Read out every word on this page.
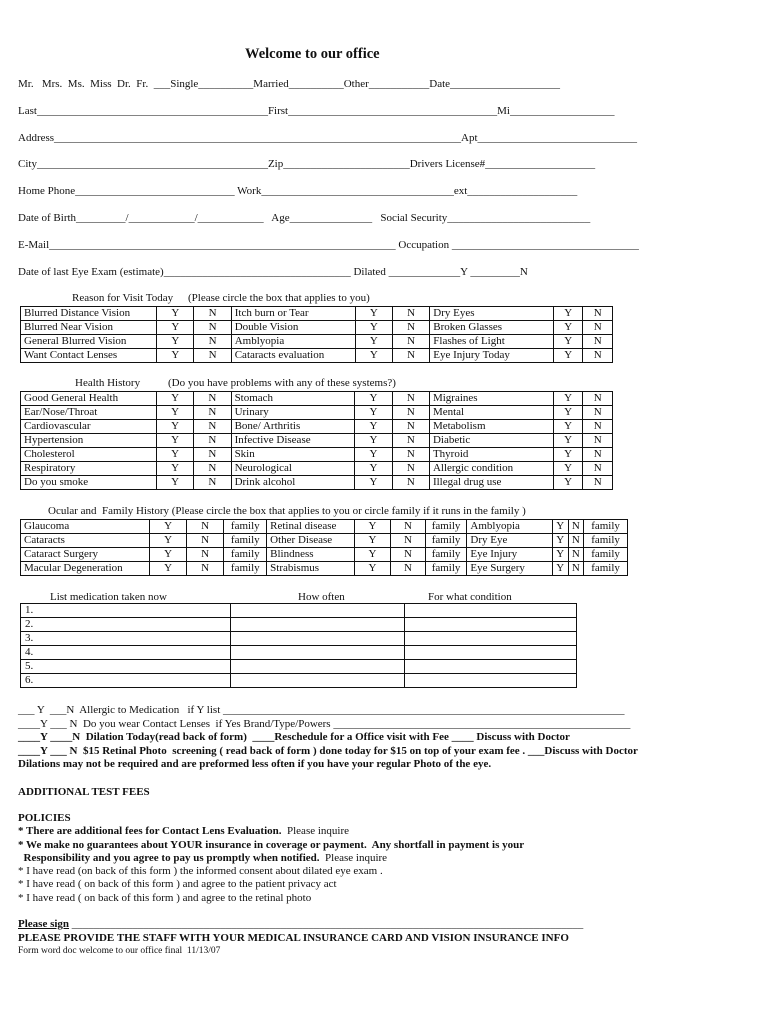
Welcome to our office
Mr.   Mrs.  Ms.  Miss  Dr.  Fr.  ___Single__________Married__________Other___________Date____________________
Last__________________________________________First______________________________________Mi___________________
Address__________________________________________________________________________Apt_____________________________
City__________________________________________Zip_______________________Drivers License#____________________
Home Phone_____________________________ Work___________________________________ext____________________
Date of Birth_________/____________/____________   Age_______________   Social Security__________________________
E-Mail_______________________________________________________________ Occupation __________________________________
Date of last Eye Exam (estimate)__________________________________ Dilated _____________Y _________N
Reason for Visit Today (Please circle the box that applies to you)
Blurred Distance Vision	Y	N	Itch burn or Tear	Y	N	Dry Eyes	Y	N
Blurred Near Vision	Y	N	Double Vision	Y	N	Broken Glasses	Y	N
General Blurred Vision	Y	N	Amblyopia	Y	N	Flashes of Light	Y	N
Want Contact Lenses	Y	N	Cataracts evaluation	Y	N	Eye Injury Today	Y	N
Health History	(Do you have problems with any of these systems?)
Good General Health	Y	N	Stomach	Y	N	Migraines	Y	N
Ear/Nose/Throat	Y	N	Urinary	Y	N	Mental	Y	N
Cardiovascular	Y	N	Bone/ Arthritis	Y	N	Metabolism	Y	N
Hypertension	Y	N	Infective Disease	Y	N	Diabetic	Y	N
Cholesterol	Y	N	Skin	Y	N	Thyroid	Y	N
Respiratory	Y	N	Neurological	Y	N	Allergic condition	Y	N
Do you smoke	Y	N	Drink alcohol	Y	N	Illegal drug use	Y	N
Ocular and  Family History (Please circle the box that applies to you or circle family if it runs in the family )
Glaucoma	Y	N	family	Retinal disease	Y	N	family	Amblyopia	Y	N	family
Cataracts	Y	N	family	Other Disease	Y	N	family	Dry Eye	Y	N	family
Cataract Surgery	Y	N	family	Blindness	Y	N	family	Eye Injury	Y	N	family
Macular Degeneration	Y	N	family	Strabismus	Y	N	family	Eye Surgery	Y	N	family
List medication taken now	How often	For what condition
1.		
2.		
3.		
4.		
5.		
6.		
___ Y  ___N  Allergic to Medication   if Y list _________________________________________________________________________
____Y ___ N  Do you wear Contact Lenses  if Yes Brand/Type/Powers ______________________________________________________
____Y ____N  Dilation Today(read back of form)  ____Reschedule for a Office visit with Fee ____ Discuss with Doctor
____Y ___ N  $15 Retinal Photo  screening ( read back of form ) done today for $15 on top of your exam fee . ___Discuss with Doctor
Dilations may not be required and are preformed less often if you have your regular Photo of the eye.
ADDITIONAL TEST FEES
POLICIES
* There are additional fees for Contact Lens Evaluation.  Please inquire
* We make no guarantees about YOUR insurance in coverage or payment.  Any shortfall in payment is your
Responsibility and you agree to pay us promptly when notified.  Please inquire
* I have read (on back of this form ) the informed consent about dilated eye exam .
* I have read ( on back of this form ) and agree to the patient privacy act
* I have read ( on back of this form ) and agree to the retinal photo
Please sign _____________________________________________________________________________________________
PLEASE PROVIDE THE STAFF WITH YOUR MEDICAL INSURANCE CARD AND VISION INSURANCE INFO
Form word doc welcome to our office final  11/13/07
